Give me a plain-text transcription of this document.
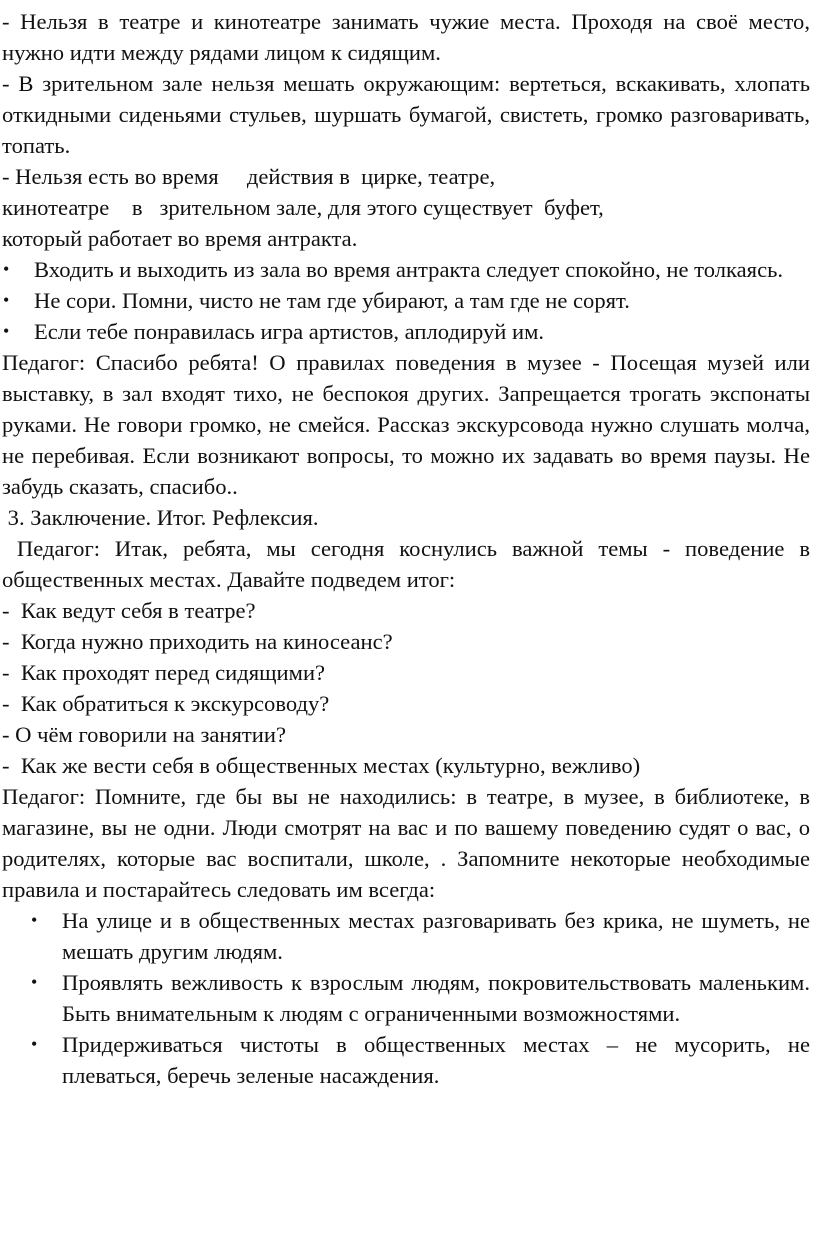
- Нельзя в театре и кинотеатре занимать чужие места. Проходя на своё место, нужно идти между рядами лицом к сидящим.

- В зрительном зале нельзя мешать окружающим: вертеться, вскакивать, хлопать откидными сиденьями стульев, шуршать бумагой, свистеть, громко разговаривать, топать.

- Нельзя есть во время     действия в  цирке, театре,

кинотеатре    в   зрительном зале, для этого существует  буфет,

который работает во время антракта.

• Входить и выходить из зала во время антракта следует спокойно, не толкаясь.

• Не сори. Помни, чисто не там где убирают, а там где не сорят.

• Если тебе понравилась игра артистов, аплодируй им.

Педагог: Спасибо ребята! О правилах поведения в музее - Посещая музей или выставку, в зал входят тихо, не беспокоя других. Запрещается трогать экспонаты руками. Не говори громко, не смейся. Рассказ экскурсовода нужно слушать молча, не перебивая. Если возникают вопросы, то можно их задавать во время паузы. Не забудь сказать, спасибо..

3. Заключение. Итог. Рефлексия.

Педагог: Итак, ребята, мы сегодня коснулись важной темы - поведение в общественных местах. Давайте подведем итог:

-  Как ведут себя в театре?

-  Когда нужно приходить на киносеанс?

-  Как проходят перед сидящими?

-  Как обратиться к экскурсоводу?

- О чём говорили на занятии?

-  Как же вести себя в общественных местах (культурно, вежливо)

Педагог: Помните, где бы вы не находились: в театре, в музее, в библиотеке, в магазине, вы не одни. Люди смотрят на вас и по вашему поведению судят о вас, о родителях, которые вас воспитали, школе, . Запомните некоторые необходимые правила и постарайтесь следовать им всегда:

• На улице и в общественных местах разговаривать без крика, не шуметь, не мешать другим людям.

• Проявлять вежливость к взрослым людям, покровительствовать маленьким. Быть внимательным к людям с ограниченными возможностями.

• Придерживаться чистоты в общественных местах – не мусорить, не плеваться, беречь зеленые насаждения.
